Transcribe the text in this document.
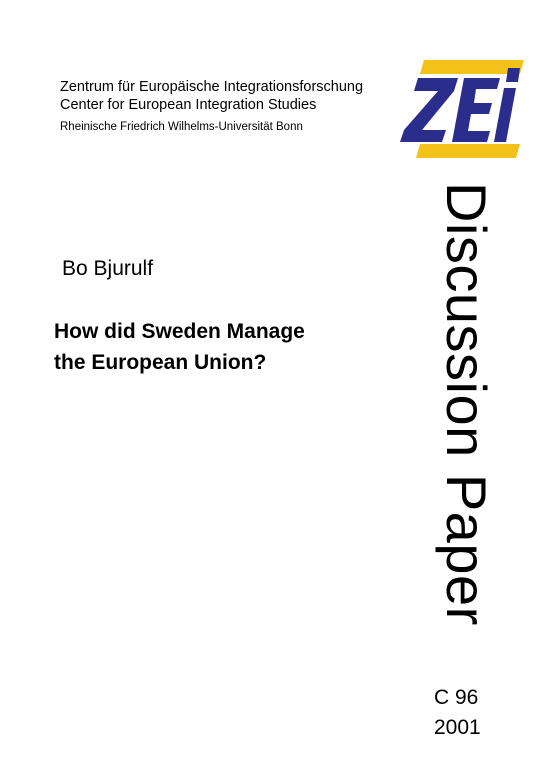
Zentrum für Europäische Integrationsforschung
Center for European Integration Studies
Rheinische Friedrich Wilhelms-Universität Bonn
Bo Bjurulf
How did Sweden Manage
the European Union?	Discussion Paper
C 96
2001
